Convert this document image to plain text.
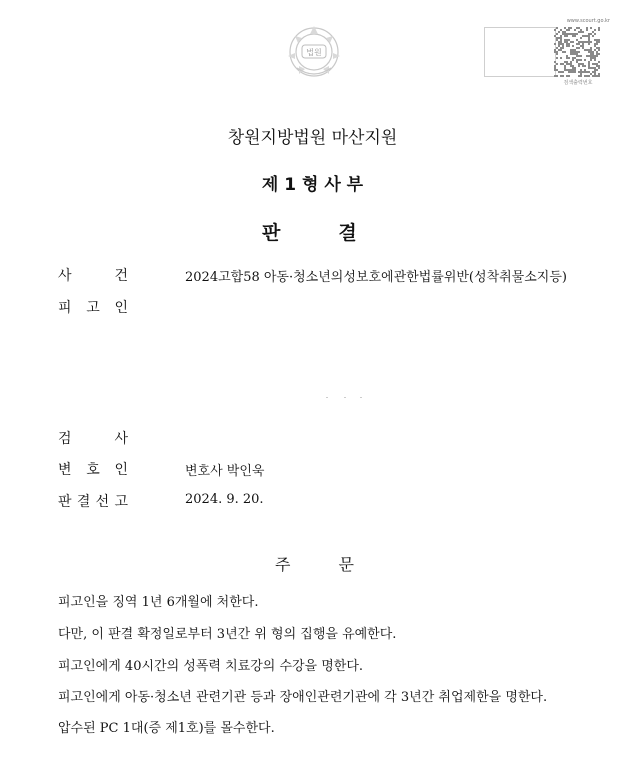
법원
www.scourt.go.kr
검색출력번호
창원지방법원 마산지원
제 1 형 사 부
판	결
사	건	2024고합58 아동·청소년의성보호에관한법률위반(성착취물소지등)
피 고 인
검	사
변 호 인	변호사 박인욱
판 결 선 고	2024. 9. 20.
주	문
피고인을 징역 1년 6개월에 처한다.
다만, 이 판결 확정일로부터 3년간 위 형의 집행을 유예한다.
피고인에게 40시간의 성폭력 치료강의 수강을 명한다.
피고인에게 아동·청소년 관련기관 등과 장애인관련기관에 각 3년간 취업제한을 명한다.
압수된 PC 1대(증 제1호)를 몰수한다.
